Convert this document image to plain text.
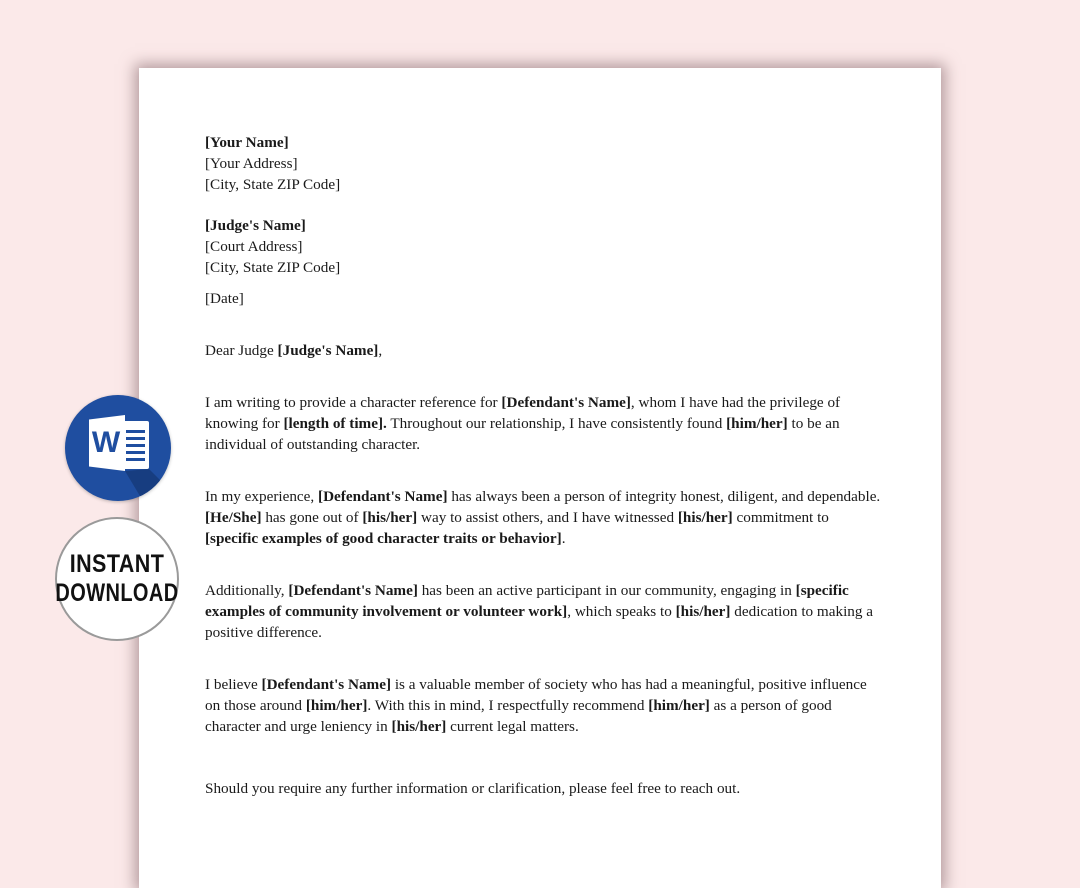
[Your Name]

[Your Address]

[City, State ZIP Code]

[Judge's Name]

[Court Address]

[City, State ZIP Code]

[Date]

Dear Judge [Judge's Name],

I am writing to provide a character reference for [Defendant's Name], whom I have had the privilege of knowing for [length of time]. Throughout our relationship, I have consistently found [him/her] to be an individual of outstanding character.

In my experience, [Defendant's Name] has always been a person of integrity honest, diligent, and dependable. [He/She] has gone out of [his/her] way to assist others, and I have witnessed [his/her] commitment to [specific examples of good character traits or behavior].

Additionally, [Defendant's Name] has been an active participant in our community, engaging in [specific examples of community involvement or volunteer work], which speaks to [his/her] dedication to making a positive difference.

I believe [Defendant's Name] is a valuable member of society who has had a meaningful, positive influence on those around [him/her]. With this in mind, I respectfully recommend [him/her] as a person of good character and urge leniency in [his/her] current legal matters.

Should you require any further information or clarification, please feel free to reach out.

W
INSTANT
DOWNLOAD
